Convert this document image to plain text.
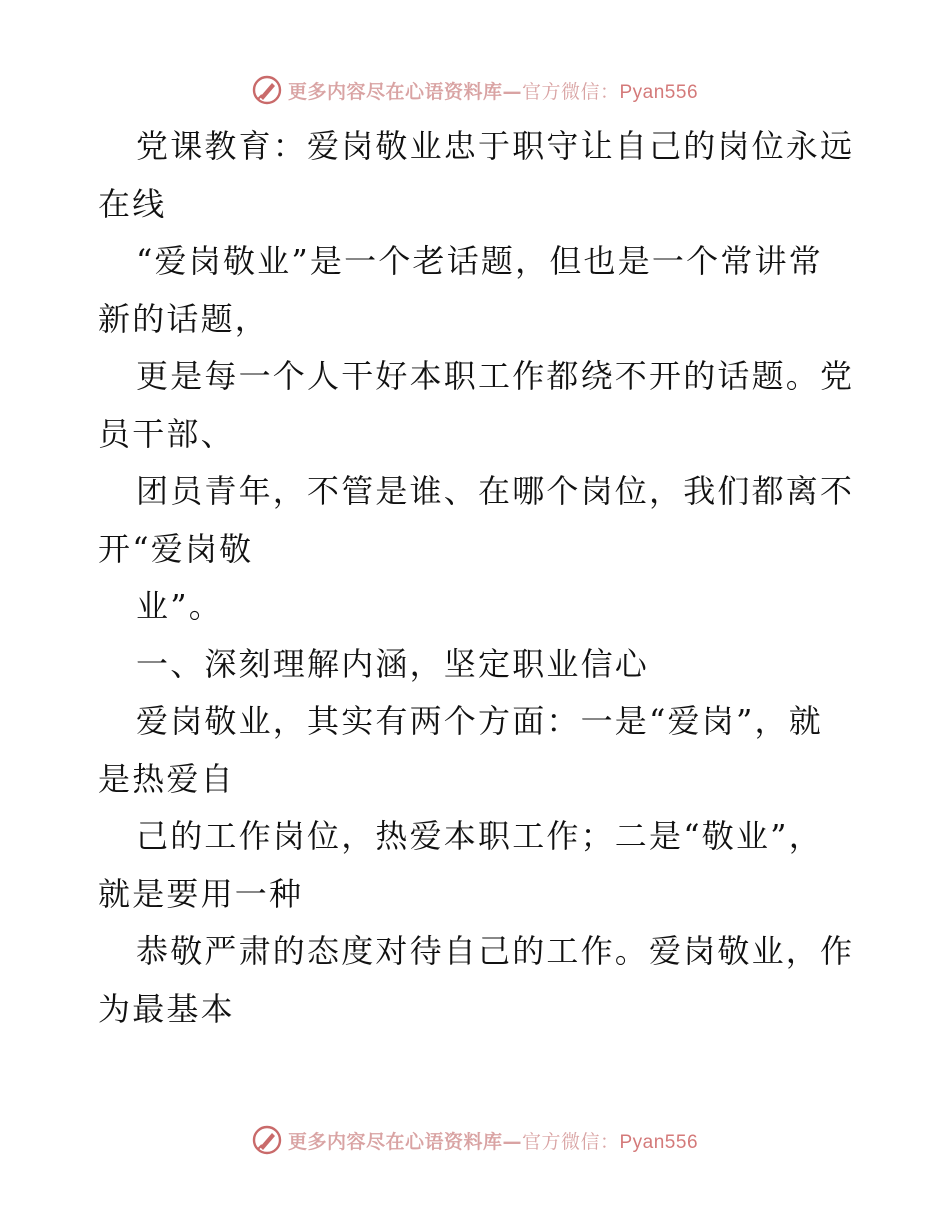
更多内容尽在心语资料库—官方微信：Pyan556
党课教育：爱岗敬业忠于职守让自己的岗位永远
在线
“爱岗敬业”是一个老话题，但也是一个常讲常
新的话题，
更是每一个人干好本职工作都绕不开的话题。党
员干部、
团员青年，不管是谁、在哪个岗位，我们都离不
开“爱岗敬
业”。
一、深刻理解内涵，坚定职业信心
爱岗敬业，其实有两个方面：一是“爱岗”，就
是热爱自
己的工作岗位，热爱本职工作；二是“敬业”，
就是要用一种
恭敬严肃的态度对待自己的工作。爱岗敬业，作
为最基本
更多内容尽在心语资料库—官方微信：Pyan556
